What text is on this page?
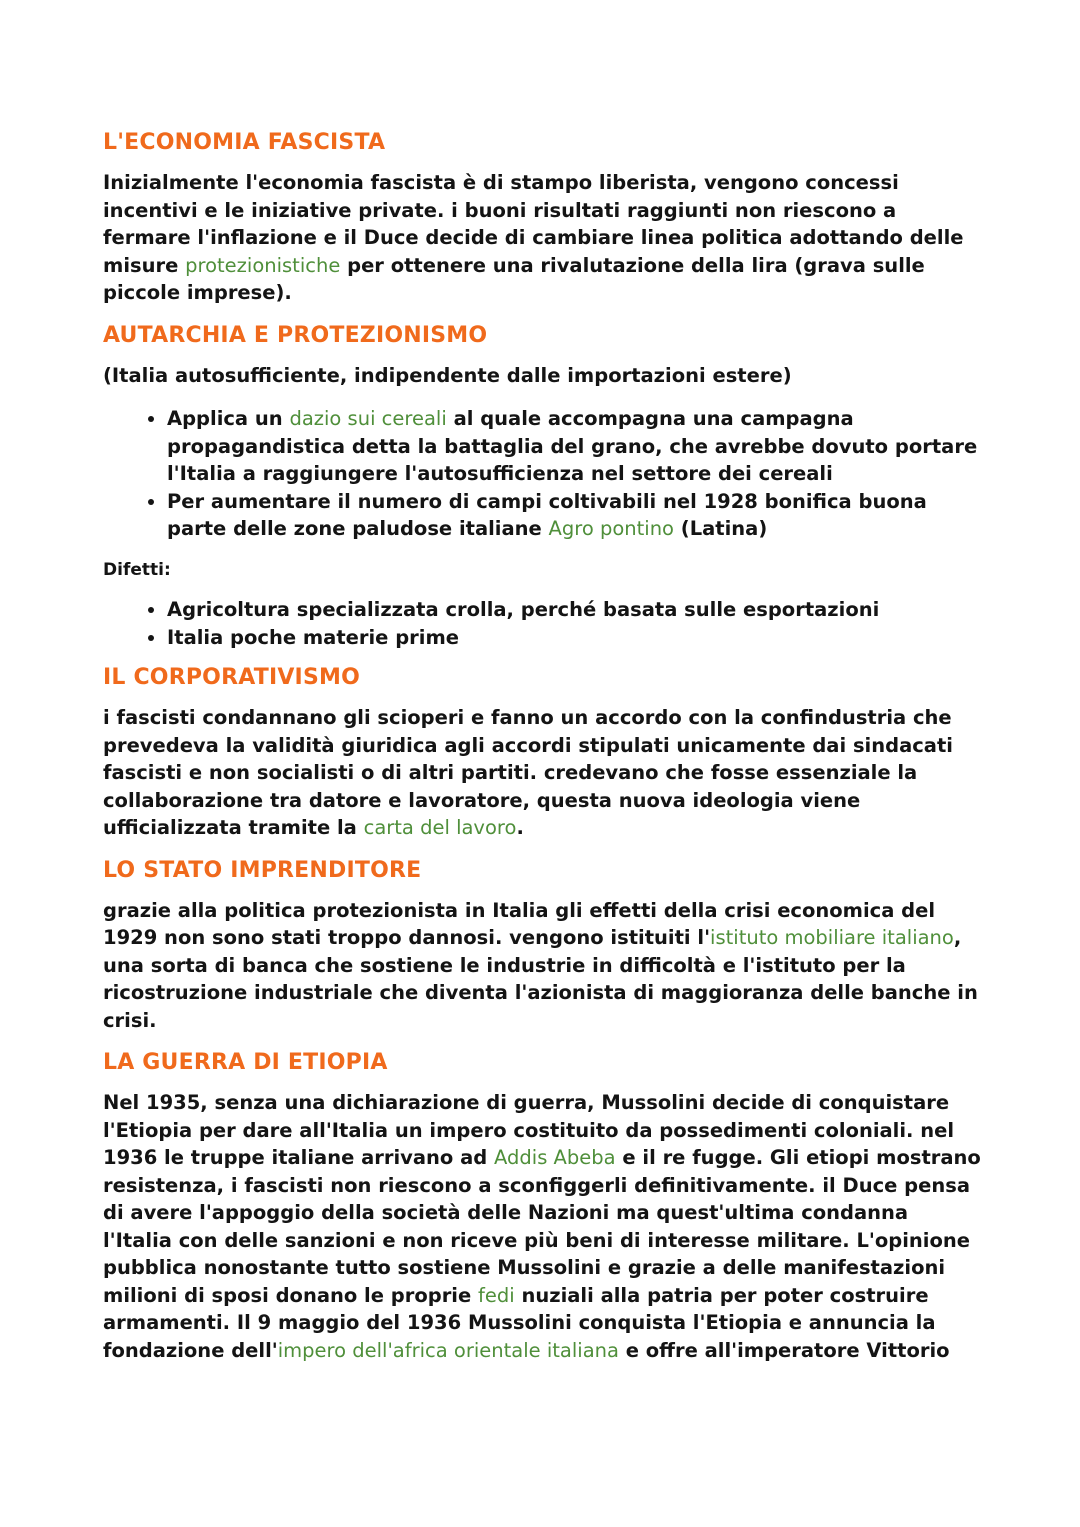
L'ECONOMIA FASCISTA

Inizialmente l'economia fascista è di stampo liberista, vengono concessi incentivi e le iniziative private. i buoni risultati raggiunti non riescono a fermare l'inflazione e il Duce decide di cambiare linea politica adottando delle misure protezionistiche per ottenere una rivalutazione della lira (grava sulle piccole imprese).

AUTARCHIA E PROTEZIONISMO

(Italia autosufficiente, indipendente dalle importazioni estere)

• Applica un dazio sui cereali al quale accompagna una campagna propagandistica detta la battaglia del grano, che avrebbe dovuto portare l'Italia a raggiungere l'autosufficienza nel settore dei cereali
• Per aumentare il numero di campi coltivabili nel 1928 bonifica buona parte delle zone paludose italiane Agro pontino (Latina)

Difetti:

• Agricoltura specializzata crolla, perché basata sulle esportazioni
• Italia poche materie prime
IL CORPORATIVISMO

i fascisti condannano gli scioperi e fanno un accordo con la confindustria che prevedeva la validità giuridica agli accordi stipulati unicamente dai sindacati fascisti e non socialisti o di altri partiti. credevano che fosse essenziale la collaborazione tra datore e lavoratore, questa nuova ideologia viene ufficializzata tramite la carta del lavoro.

LO STATO IMPRENDITORE

grazie alla politica protezionista in Italia gli effetti della crisi economica del 1929 non sono stati troppo dannosi. vengono istituiti l'istituto mobiliare italiano, una sorta di banca che sostiene le industrie in difficoltà e l'istituto per la ricostruzione industriale che diventa l'azionista di maggioranza delle banche in crisi.

LA GUERRA DI ETIOPIA

Nel 1935, senza una dichiarazione di guerra, Mussolini decide di conquistare l'Etiopia per dare all'Italia un impero costituito da possedimenti coloniali. nel 1936 le truppe italiane arrivano ad Addis Abeba e il re fugge. Gli etiopi mostrano resistenza, i fascisti non riescono a sconfiggerli definitivamente. il Duce pensa di avere l'appoggio della società delle Nazioni ma quest'ultima condanna l'Italia con delle sanzioni e non riceve più beni di interesse militare. L'opinione pubblica nonostante tutto sostiene Mussolini e grazie a delle manifestazioni milioni di sposi donano le proprie fedi nuziali alla patria per poter costruire armamenti. Il 9 maggio del 1936 Mussolini conquista l'Etiopia e annuncia la fondazione dell'impero dell'africa orientale italiana e offre all'imperatore Vittorio
